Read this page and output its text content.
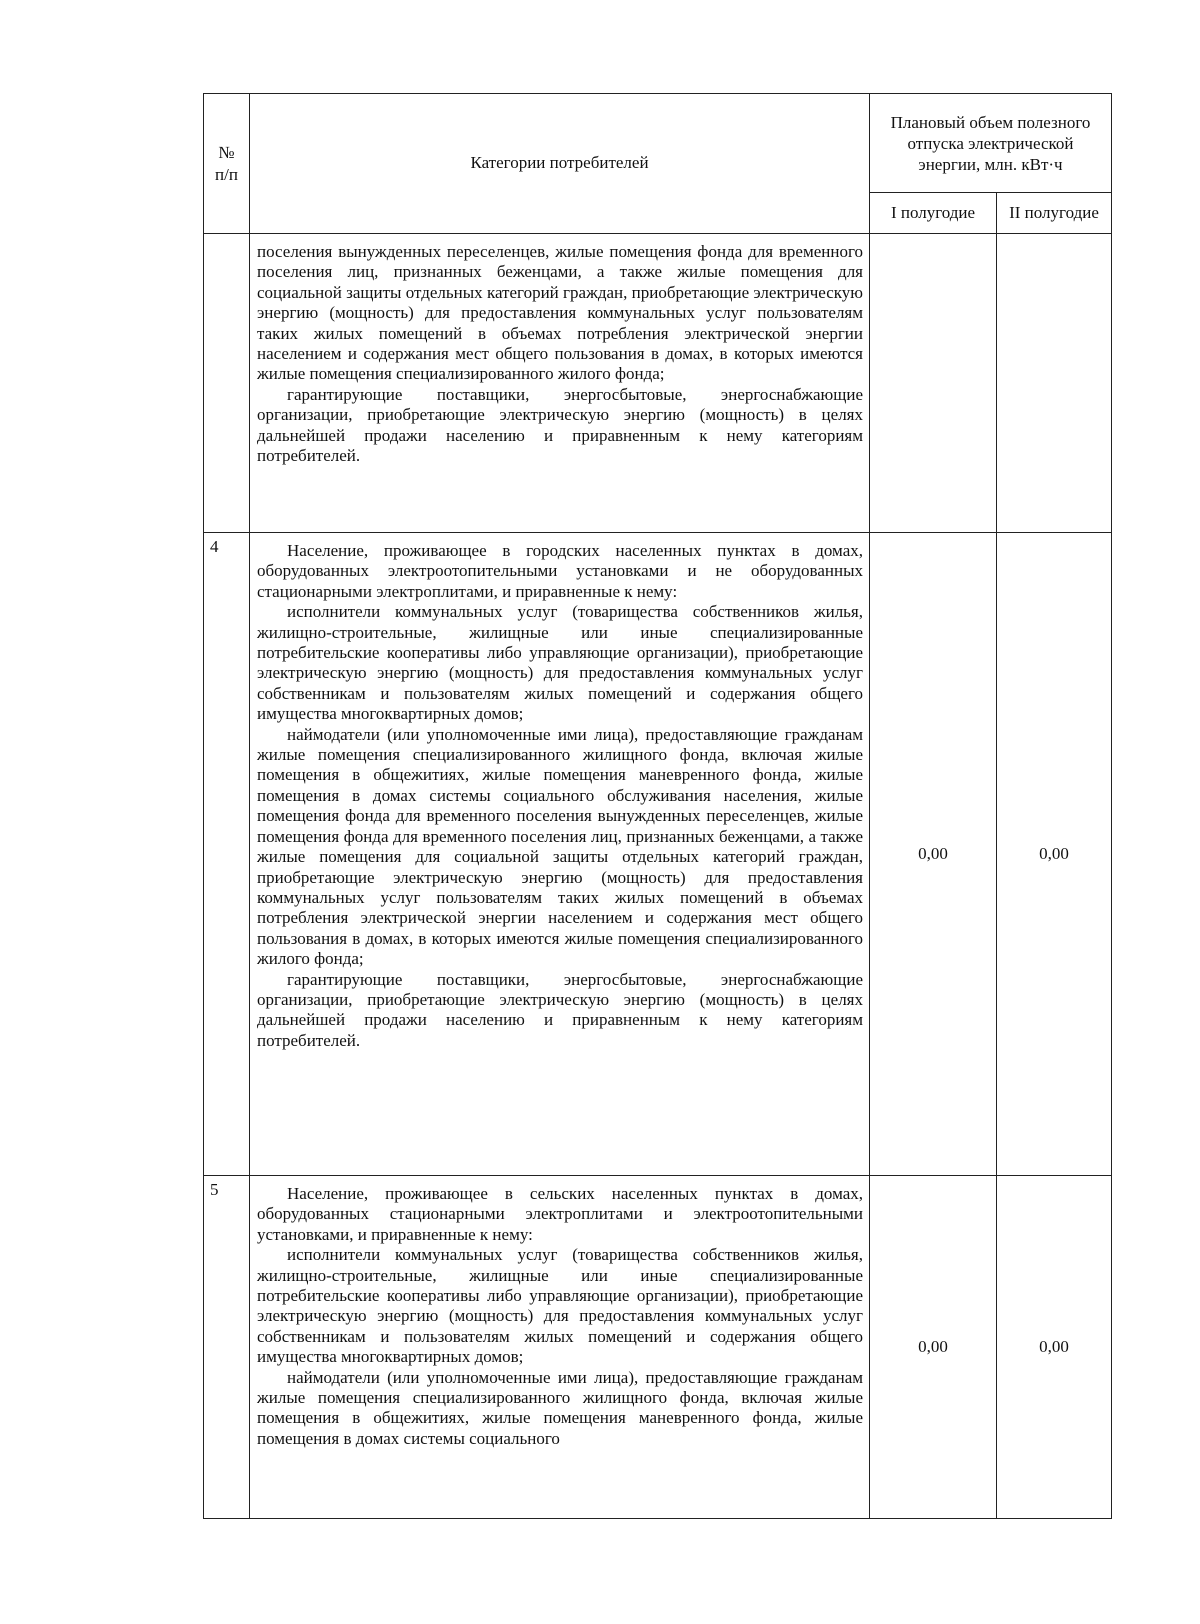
№
п/п	Категории потребителей	Плановый объем полезного отпуска электрической энергии, млн. кВт·ч	
		I полугодие	II полугодие

	поселения вынужденных переселенцев, жилые помещения фонда для временного поселения лиц, признанных беженцами, а также жилые помещения для социальной защиты отдельных категорий граждан, приобретающие электрическую энергию (мощность) для предоставления коммунальных услуг пользователям таких жилых помещений в объемах потребления электрической энергии населением и содержания мест общего пользования в домах, в которых имеются жилые помещения специализированного жилого фонда;

гарантирующие поставщики, энергосбытовые, энергоснабжающие организации, приобретающие электрическую энергию (мощность) в целях дальнейшей продажи населению и приравненным к нему категориям потребителей.		

4	Население, проживающее в городских населенных пунктах в домах, оборудованных электроотопительными установками и не оборудованных стационарными электроплитами, и приравненные к нему:

исполнители коммунальных услуг (товарищества собственников жилья, жилищно-строительные, жилищные или иные специализированные потребительские кооперативы либо управляющие организации), приобретающие электрическую энергию (мощность) для предоставления коммунальных услуг собственникам и пользователям жилых помещений и содержания общего имущества многоквартирных домов;

наймодатели (или уполномоченные ими лица), предоставляющие гражданам жилые помещения специализированного жилищного фонда, включая жилые помещения в общежитиях, жилые помещения маневренного фонда, жилые помещения в домах системы социального обслуживания населения, жилые помещения фонда для временного поселения вынужденных переселенцев, жилые помещения фонда для временного поселения лиц, признанных беженцами, а также жилые помещения для социальной защиты отдельных категорий граждан, приобретающие электрическую энергию (мощность) для предоставления коммунальных услуг пользователям таких жилых помещений в объемах потребления электрической энергии населением и содержания мест общего пользования в домах, в которых имеются жилые помещения специализированного жилого фонда;

гарантирующие поставщики, энергосбытовые, энергоснабжающие организации, приобретающие электрическую энергию (мощность) в целях дальнейшей продажи населению и приравненным к нему категориям потребителей.	0,00	0,00
5	Население, проживающее в сельских населенных пунктах в домах, оборудованных стационарными электроплитами и электроотопительными установками, и приравненные к нему:

исполнители коммунальных услуг (товарищества собственников жилья, жилищно-строительные, жилищные или иные специализированные потребительские кооперативы либо управляющие организации), приобретающие электрическую энергию (мощность) для предоставления коммунальных услуг собственникам и пользователям жилых помещений и содержания общего имущества многоквартирных домов;

наймодатели (или уполномоченные ими лица), предоставляющие гражданам жилые помещения специализированного жилищного фонда, включая жилые помещения в общежитиях, жилые помещения маневренного фонда, жилые помещения в домах системы социального	0,00	0,00
